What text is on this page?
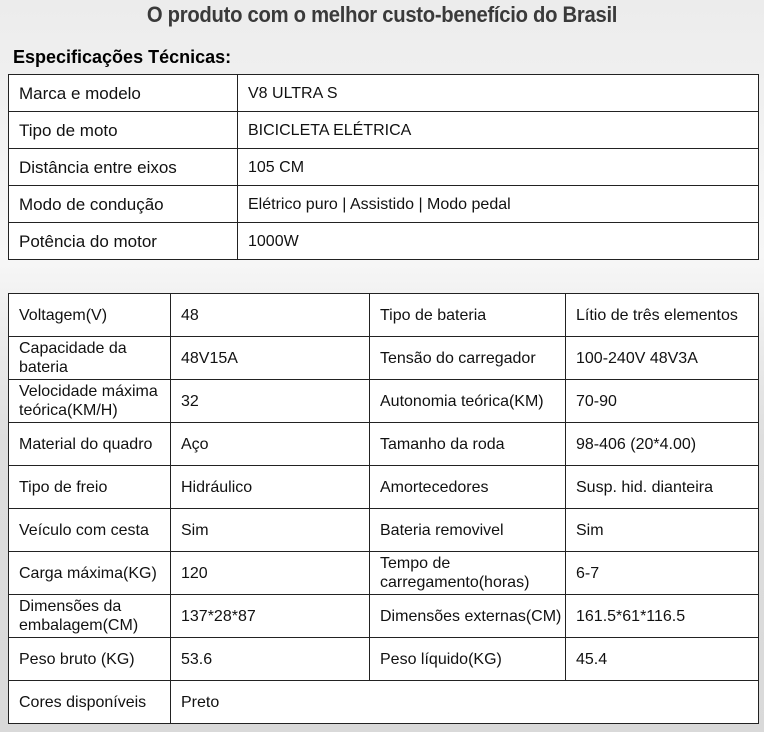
O produto com o melhor custo-benefício do Brasil
Especificações Técnicas:
Marca e modelo	V8 ULTRA S
Tipo de moto	BICICLETA ELÉTRICA
Distância entre eixos	105 CM
Modo de condução	Elétrico puro | Assistido | Modo pedal
Potência do motor	1000W
Voltagem(V)	48	Tipo de bateria	Lítio de três elementos
Capacidade da bateria	48V15A	Tensão do carregador	100-240V 48V3A
Velocidade máxima teórica(KM/H)	32	Autonomia teórica(KM)	70-90
Material do quadro	Aço	Tamanho da roda	98-406 (20*4.00)
Tipo de freio	Hidráulico	Amortecedores	Susp. hid. dianteira
Veículo com cesta	Sim	Bateria removivel	Sim
Carga máxima(KG)	120	Tempo de carregamento(horas)	6-7
Dimensões da embalagem(CM)	137*28*87	Dimensões externas(CM)	161.5*61*116.5
Peso bruto (KG)	53.6	Peso líquido(KG)	45.4
Cores disponíveis	Preto		
